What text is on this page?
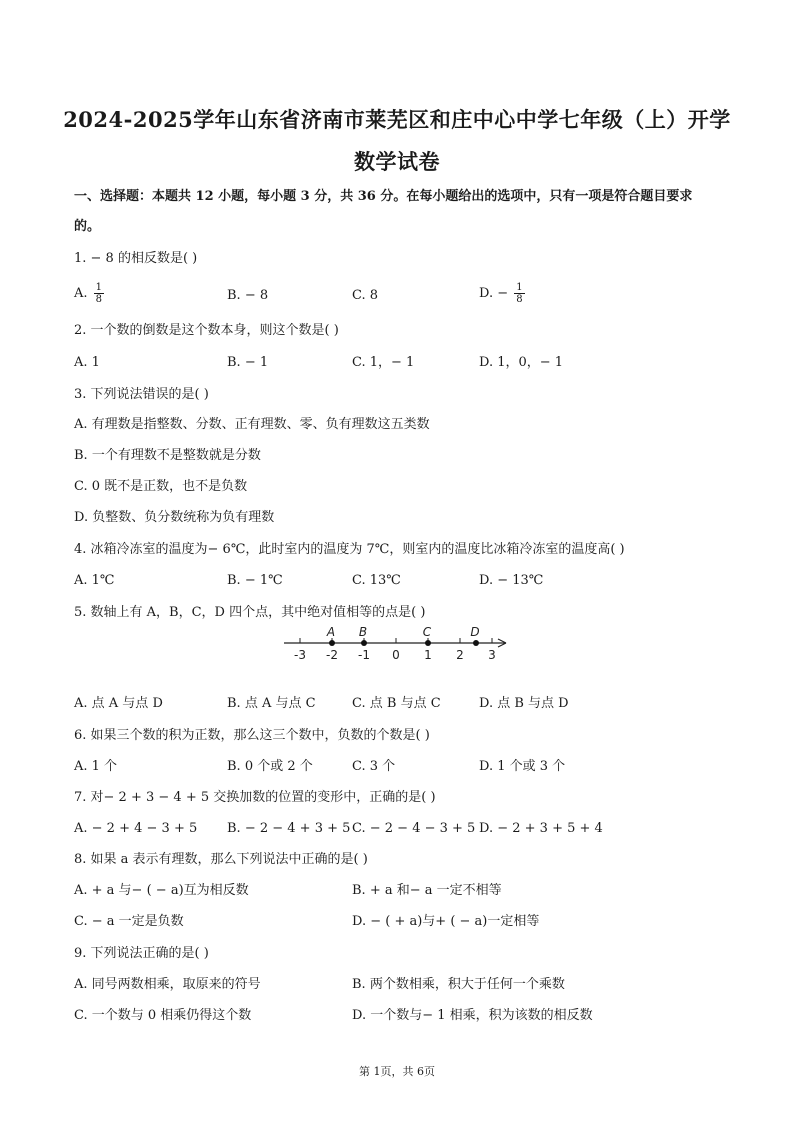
2024-2025学年山东省济南市莱芜区和庄中心中学七年级（上）开学
数学试卷
一、选择题：本题共 12 小题，每小题 3 分，共 36 分。在每小题给出的选项中，只有一项是符合题目要求
的。
1. − 8 的相反数是( )
A. $\frac{1}{8}$	B. − 8	C. 8	D. − $\frac{1}{8}$
2. 一个数的倒数是这个数本身，则这个数是( )
A. 1	B. − 1	C. 1，− 1	D. 1，0，− 1
3. 下列说法错误的是( )
A. 有理数是指整数、分数、正有理数、零、负有理数这五类数
B. 一个有理数不是整数就是分数
C. 0 既不是正数，也不是负数
D. 负整数、负分数统称为负有理数
4. 冰箱冷冻室的温度为− 6℃，此时室内的温度为 7℃，则室内的温度比冰箱冷冻室的温度高( )
A. 1℃	B. − 1℃	C. 13℃	D. − 13℃
5. 数轴上有 A，B，C，D 四个点，其中绝对值相等的点是( )
-3 -2 -1 0 1 2 3
A B	C	D
A. 点 A 与点 D	B. 点 A 与点 C	C. 点 B 与点 C	D. 点 B 与点 D
6. 如果三个数的积为正数，那么这三个数中，负数的个数是( )
A. 1 个	B. 0 个或 2 个	C. 3 个	D. 1 个或 3 个
7. 对− 2 + 3 − 4 + 5 交换加数的位置的变形中，正确的是( )
A. − 2 + 4 − 3 + 5 B. − 2 − 4 + 3 + 5 C. − 2 − 4 − 3 + 5 D. − 2 + 3 + 5 + 4
8. 如果 a 表示有理数，那么下列说法中正确的是( )
A. + a 与− ( − a)互为相反数	B. + a 和− a 一定不相等
C. − a 一定是负数	D. − ( + a)与+ ( − a)一定相等
9. 下列说法正确的是( )
A. 同号两数相乘，取原来的符号	B. 两个数相乘，积大于任何一个乘数
C. 一个数与 0 相乘仍得这个数	D. 一个数与− 1 相乘，积为该数的相反数
第 1页，共 6页
